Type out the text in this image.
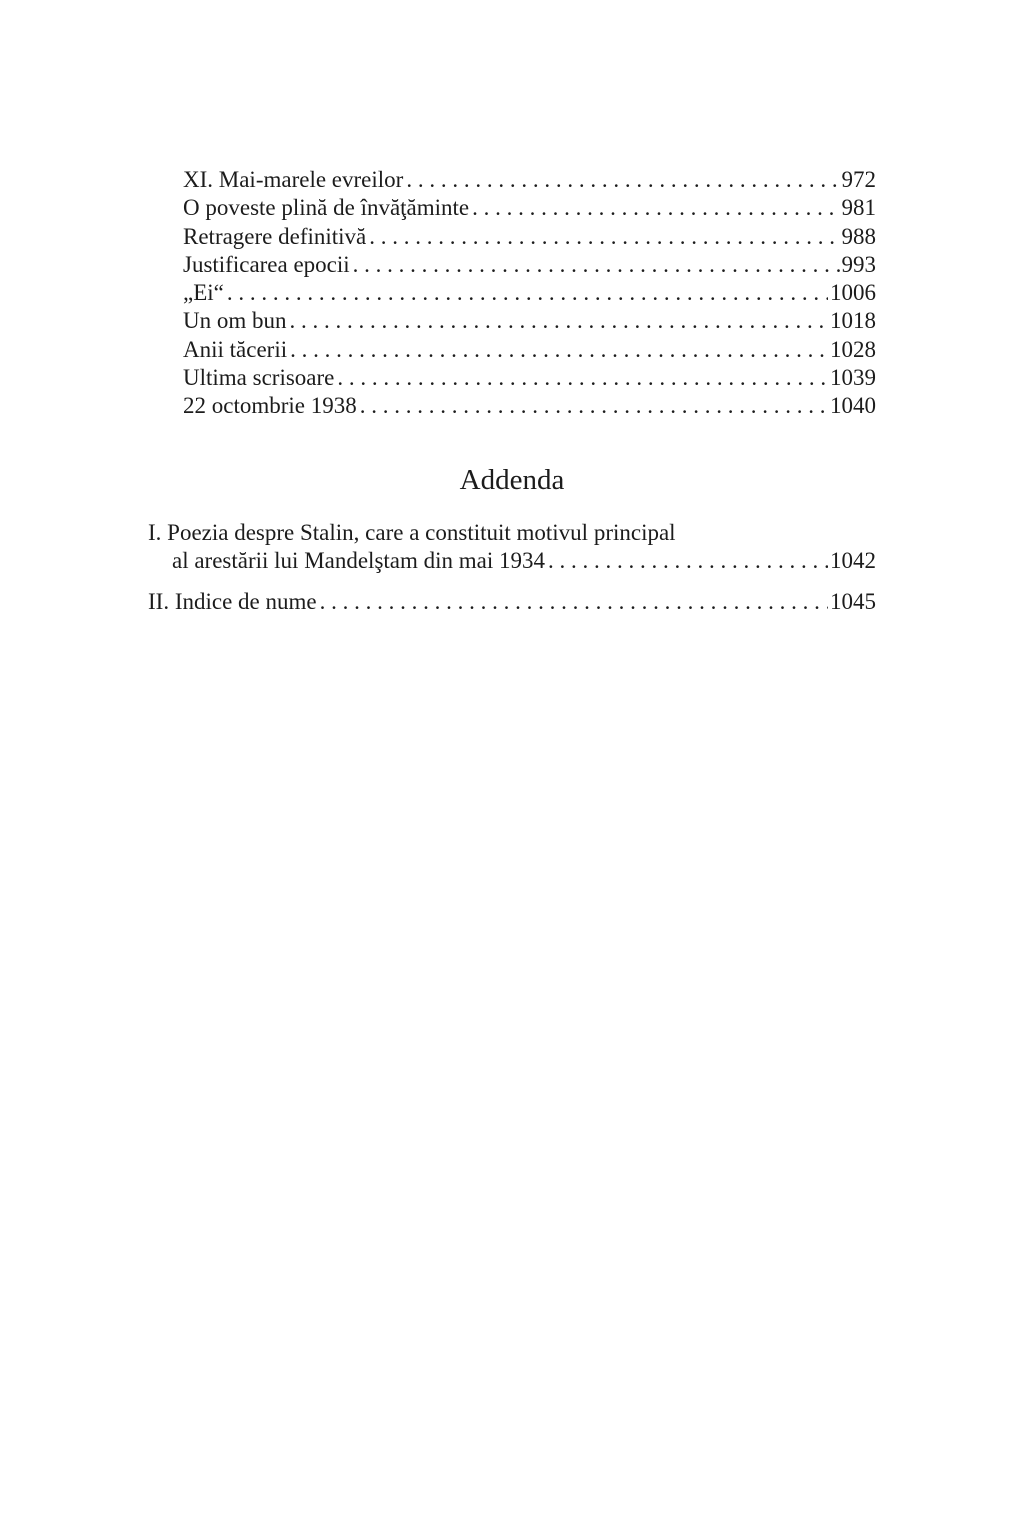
XI. Mai-marele evreilor . . .	972
O poveste plină de învăţăminte . . .	981
Retragere definitivă . . .	988
Justificarea epocii . . .	993
„Ei“ . . .	1006
Un om bun . . .	1018
Anii tăcerii . . .	1028
Ultima scrisoare . . .	1039
22 octombrie 1938 . . .	1040
Addenda
I. Poezia despre Stalin, care a constituit motivul principal
al arestării lui Mandelştam din mai 1934 . . .	1042
II. Indice de nume . . .	1045
